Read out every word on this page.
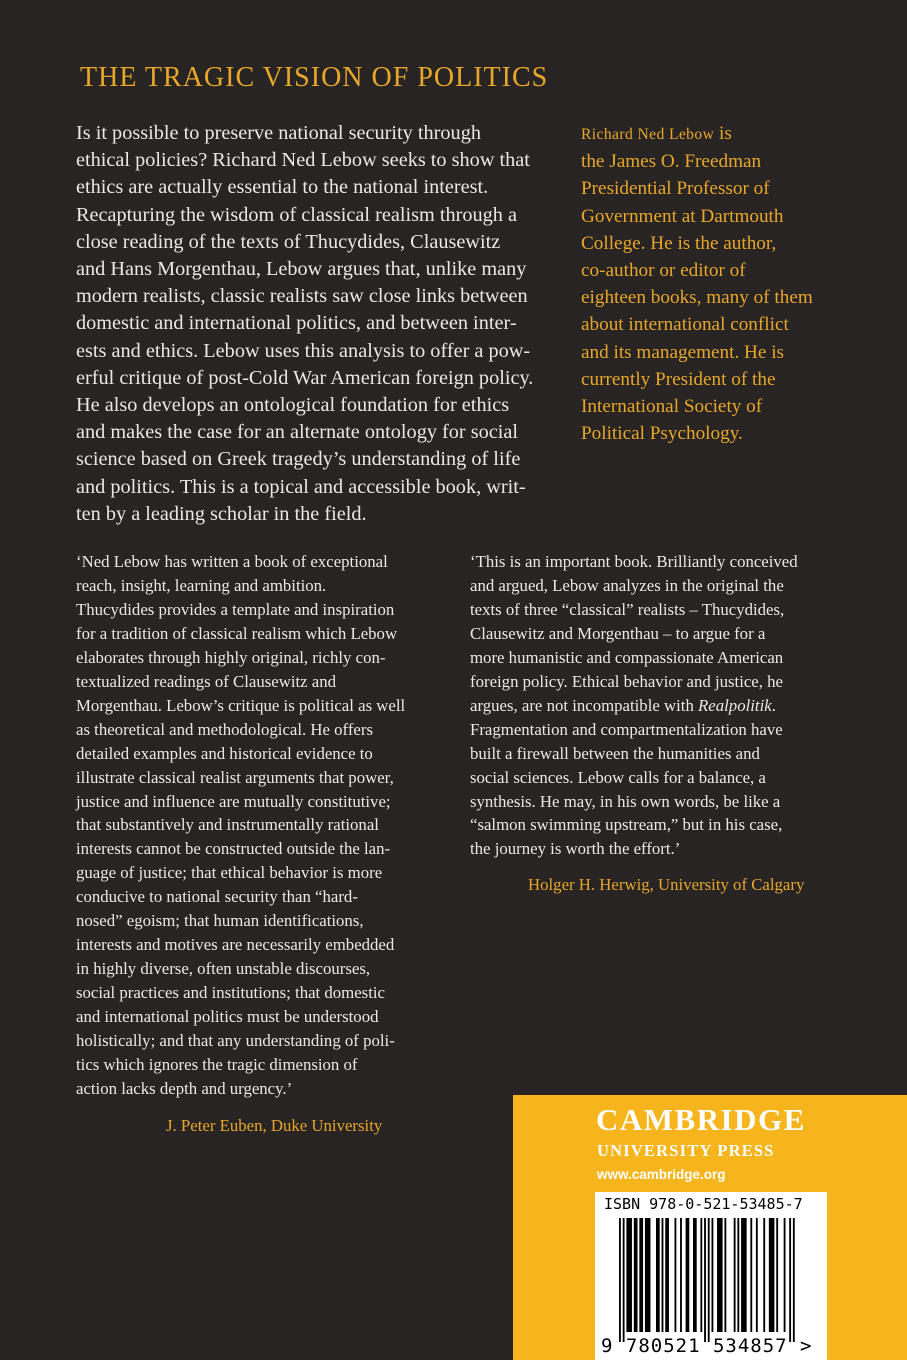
THE TRAGIC VISION OF POLITICS
Is it possible to preserve national security through
ethical policies? Richard Ned Lebow seeks to show that
ethics are actually essential to the national interest.
Recapturing the wisdom of classical realism through a
close reading of the texts of Thucydides, Clausewitz
and Hans Morgenthau, Lebow argues that, unlike many
modern realists, classic realists saw close links between
domestic and international politics, and between inter-
ests and ethics. Lebow uses this analysis to offer a pow-
erful critique of post-Cold War American foreign policy.
He also develops an ontological foundation for ethics
and makes the case for an alternate ontology for social
science based on Greek tragedy’s understanding of life
and politics. This is a topical and accessible book, writ-
ten by a leading scholar in the field.
Richard Ned Lebow is
the James O. Freedman
Presidential Professor of
Government at Dartmouth
College. He is the author,
co-author or editor of
eighteen books, many of them
about international conflict
and its management. He is
currently President of the
International Society of
Political Psychology.
‘Ned Lebow has written a book of exceptional
reach, insight, learning and ambition.
Thucydides provides a template and inspiration
for a tradition of classical realism which Lebow
elaborates through highly original, richly con-
textualized readings of Clausewitz and
Morgenthau. Lebow’s critique is political as well
as theoretical and methodological. He offers
detailed examples and historical evidence to
illustrate classical realist arguments that power,
justice and influence are mutually constitutive;
that substantively and instrumentally rational
interests cannot be constructed outside the lan-
guage of justice; that ethical behavior is more
conducive to national security than “hard-
nosed” egoism; that human identifications,
interests and motives are necessarily embedded
in highly diverse, often unstable discourses,
social practices and institutions; that domestic
and international politics must be understood
holistically; and that any understanding of poli-
tics which ignores the tragic dimension of
action lacks depth and urgency.’

J. Peter Euben, Duke University

‘This is an important book. Brilliantly conceived
and argued, Lebow analyzes in the original the
texts of three “classical” realists – Thucydides,
Clausewitz and Morgenthau – to argue for a
more humanistic and compassionate American
foreign policy. Ethical behavior and justice, he
argues, are not incompatible with Realpolitik.
Fragmentation and compartmentalization have
built a firewall between the humanities and
social sciences. Lebow calls for a balance, a
synthesis. He may, in his own words, be like a
“salmon swimming upstream,” but in his case,
the journey is worth the effort.’

Holger H. Herwig, University of Calgary

CAMBRIDGE
UNIVERSITY PRESS
www.cambridge.org
ISBN 978-0-521-53485-7
9 780521 534857 >
